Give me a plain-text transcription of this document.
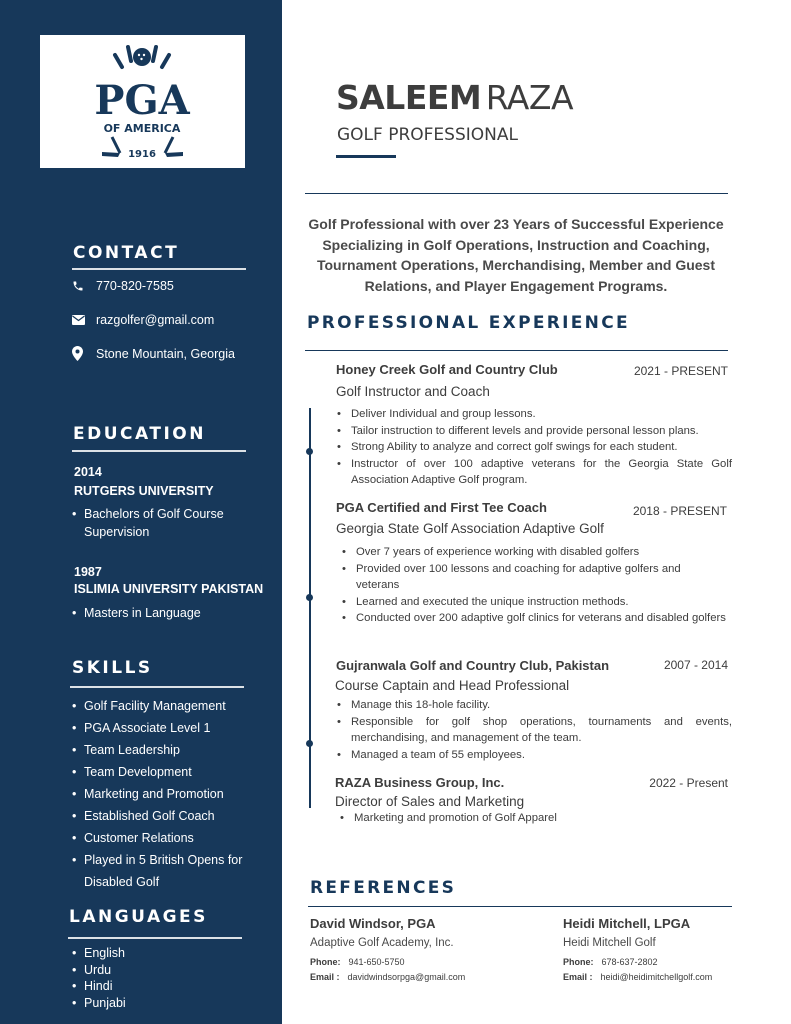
PGA
OF AMERICA
1916
CONTACT
770-820-7585
razgolfer@gmail.com
Stone Mountain, Georgia
EDUCATION
2014
RUTGERS UNIVERSITY
• Bachelors of Golf Course Supervision
1987
ISLIMIA UNIVERSITY PAKISTAN
• Masters in Language
SKILLS
• Golf Facility Management
• PGA Associate Level 1
• Team Leadership
• Team Development
• Marketing and Promotion
• Established Golf Coach
• Customer Relations
• Played in 5 British Opens for Disabled Golf
LANGUAGES
• English
• Urdu
• Hindi
• Punjabi
SALEEM RAZA
GOLF PROFESSIONAL
Golf Professional with over 23 Years of Successful Experience Specializing in Golf Operations, Instruction and Coaching, Tournament Operations, Merchandising, Member and Guest Relations, and Player Engagement Programs.
PROFESSIONAL EXPERIENCE
Honey Creek Golf and Country Club	2021 - PRESENT
Golf Instructor and Coach
• Deliver Individual and group lessons.
• Tailor instruction to different levels and provide personal lesson plans.
• Strong Ability to analyze and correct golf swings for each student.
• Instructor of over 100 adaptive veterans for the Georgia State Golf Association Adaptive Golf program.
PGA Certified and First Tee Coach	2018 - PRESENT
Georgia State Golf Association Adaptive Golf
• Over 7 years of experience working with disabled golfers
• Provided over 100 lessons and coaching for adaptive golfers and veterans
• Learned and executed the unique instruction methods.
• Conducted over 200 adaptive golf clinics for veterans and disabled golfers
Gujranwala Golf and Country Club, Pakistan	2007 - 2014
Course Captain and Head Professional
• Manage this 18-hole facility.
• Responsible for golf shop operations, tournaments and events, merchandising, and management of the team.
• Managed a team of 55 employees.
RAZA Business Group, Inc.	2022 - Present
Director of Sales and Marketing
• Marketing and promotion of Golf Apparel
REFERENCES
David Windsor, PGA
Adaptive Golf Academy, Inc.
Phone: 941-650-5750
Email : davidwindsorpga@gmail.com
Heidi Mitchell, LPGA
Heidi Mitchell Golf
Phone: 678-637-2802
Email : heidi@heidimitchellgolf.com
